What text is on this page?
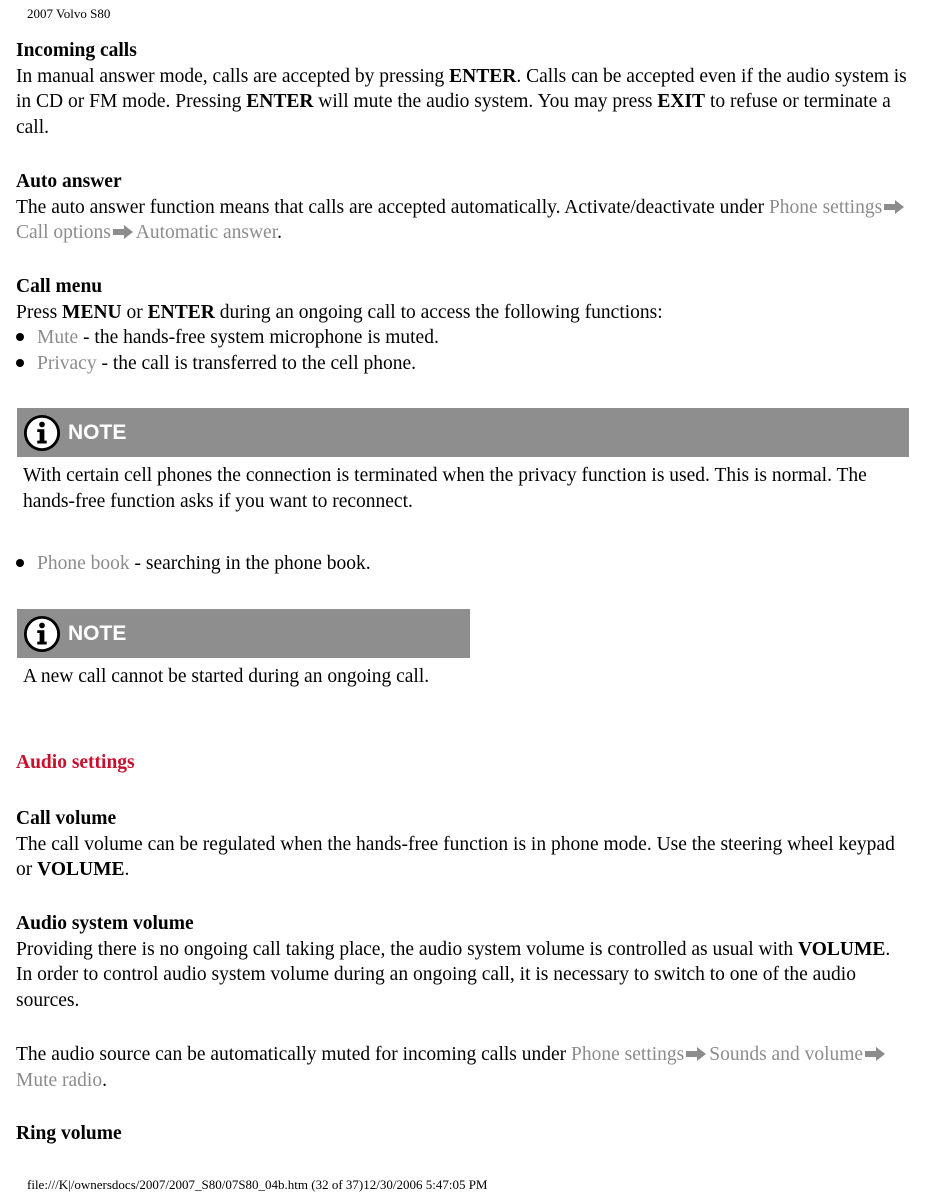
2007 Volvo S80
Incoming calls
In manual answer mode, calls are accepted by pressing ENTER. Calls can be accepted even if the audio system is in CD or FM mode. Pressing ENTER will mute the audio system. You may press EXIT to refuse or terminate a call.
Auto answer
The auto answer function means that calls are accepted automatically. Activate/deactivate under Phone settingsCall options Automatic answer.
Call menu
Press MENU or ENTER during an ongoing call to access the following functions:
Mute - the hands-free system microphone is muted.
Privacy - the call is transferred to the cell phone.
NOTE
With certain cell phones the connection is terminated when the privacy function is used. This is normal. The hands-free function asks if you want to reconnect.
Phone book - searching in the phone book.
NOTE
A new call cannot be started during an ongoing call.
Audio settings
Call volume
The call volume can be regulated when the hands-free function is in phone mode. Use the steering wheel keypad or VOLUME.
Audio system volume
Providing there is no ongoing call taking place, the audio system volume is controlled as usual with VOLUME. In order to control audio system volume during an ongoing call, it is necessary to switch to one of the audio sources.
The audio source can be automatically muted for incoming calls under Phone settings Sounds and volumeMute radio.
Ring volume
file:///K|/ownersdocs/2007/2007_S80/07S80_04b.htm (32 of 37)12/30/2006 5:47:05 PM
